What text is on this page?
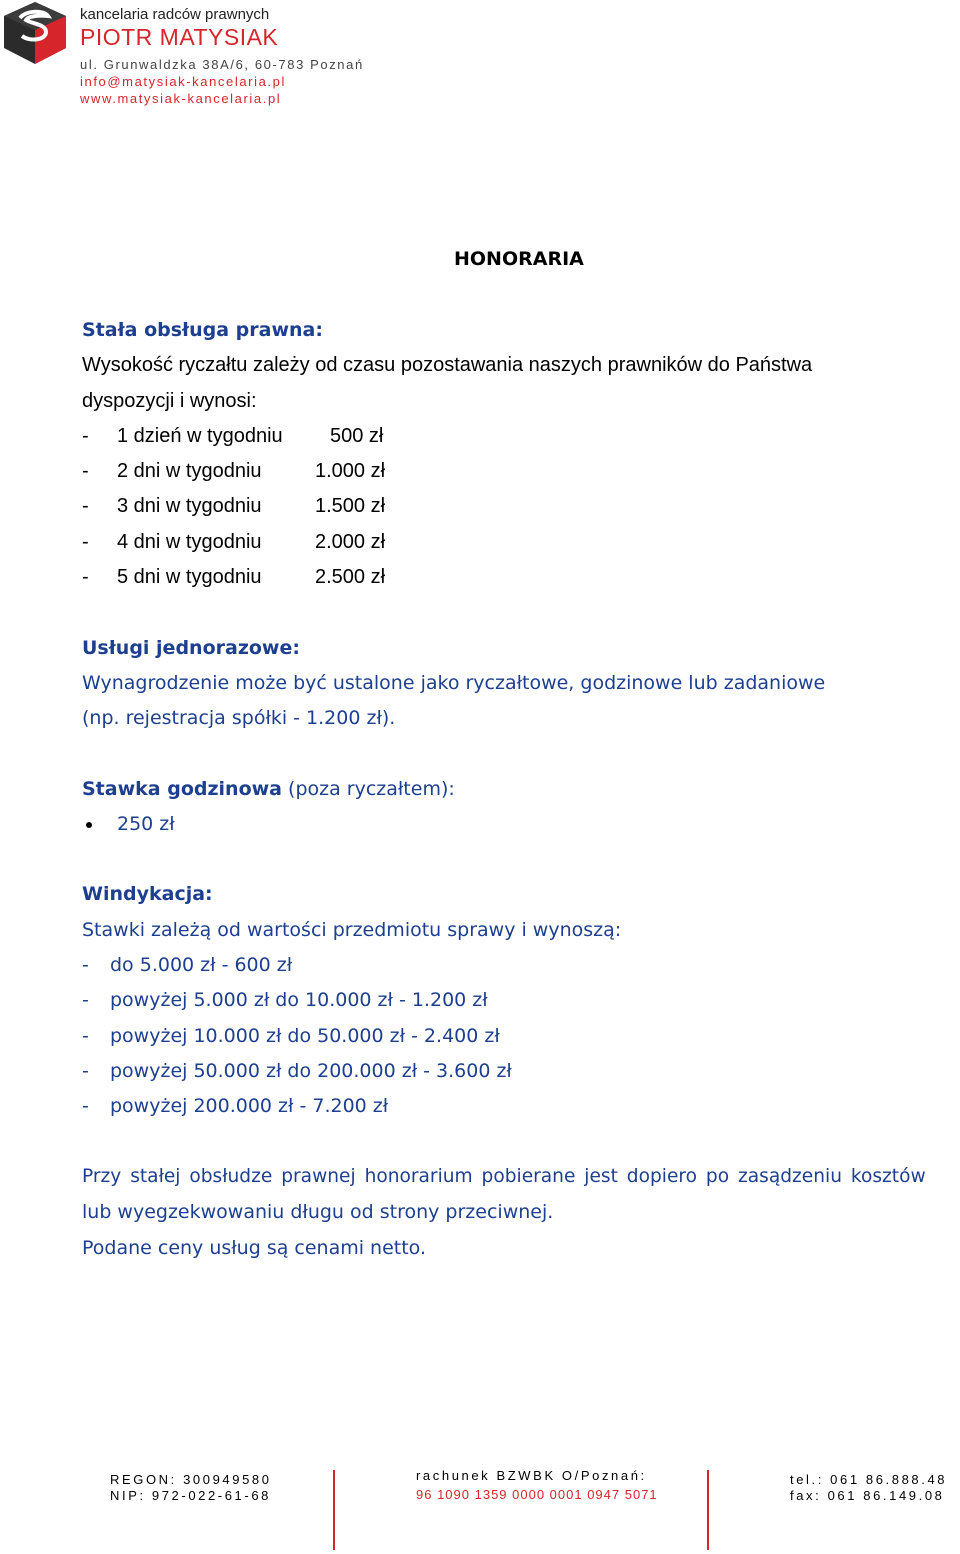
kancelaria radców prawnych
PIOTR MATYSIAK
ul. Grunwaldzka 38A/6, 60-783 Poznań
info@matysiak-kancelaria.pl
www.matysiak-kancelaria.pl
HONORARIA
Stała obsługa prawna:
Wysokość ryczałtu zależy od czasu pozostawania naszych prawników do Państwa
dyspozycji i wynosi:
- 1 dzień w tygodniu 500 zł
- 2 dni w tygodniu	1.000 zł
- 3 dni w tygodniu	1.500 zł
- 4 dni w tygodniu	2.000 zł
- 5 dni w tygodniu	2.500 zł
Usługi jednorazowe:
Wynagrodzenie może być ustalone jako ryczałtowe, godzinowe lub zadaniowe
(np. rejestracja spółki - 1.200 zł).
Stawka godzinowa (poza ryczałtem):
250 zł
Windykacja:
Stawki zależą od wartości przedmiotu sprawy i wynoszą:
- do 5.000 zł - 600 zł
- powyżej 5.000 zł do 10.000 zł - 1.200 zł
- powyżej 10.000 zł do 50.000 zł - 2.400 zł
- powyżej 50.000 zł do 200.000 zł - 3.600 zł
- powyżej 200.000 zł - 7.200 zł
Przy stałej obsłudze prawnej honorarium pobierane jest dopiero po zasądzeniu kosztów
lub wyegzekwowaniu długu od strony przeciwnej.
Podane ceny usług są cenami netto.
REGON: 300949580
NIP: 972-022-61-68
rachunek BZWBK O/Poznań:
96 1090 1359 0000 0001 0947 5071
tel.: 061 86.888.48
fax: 061 86.149.08
